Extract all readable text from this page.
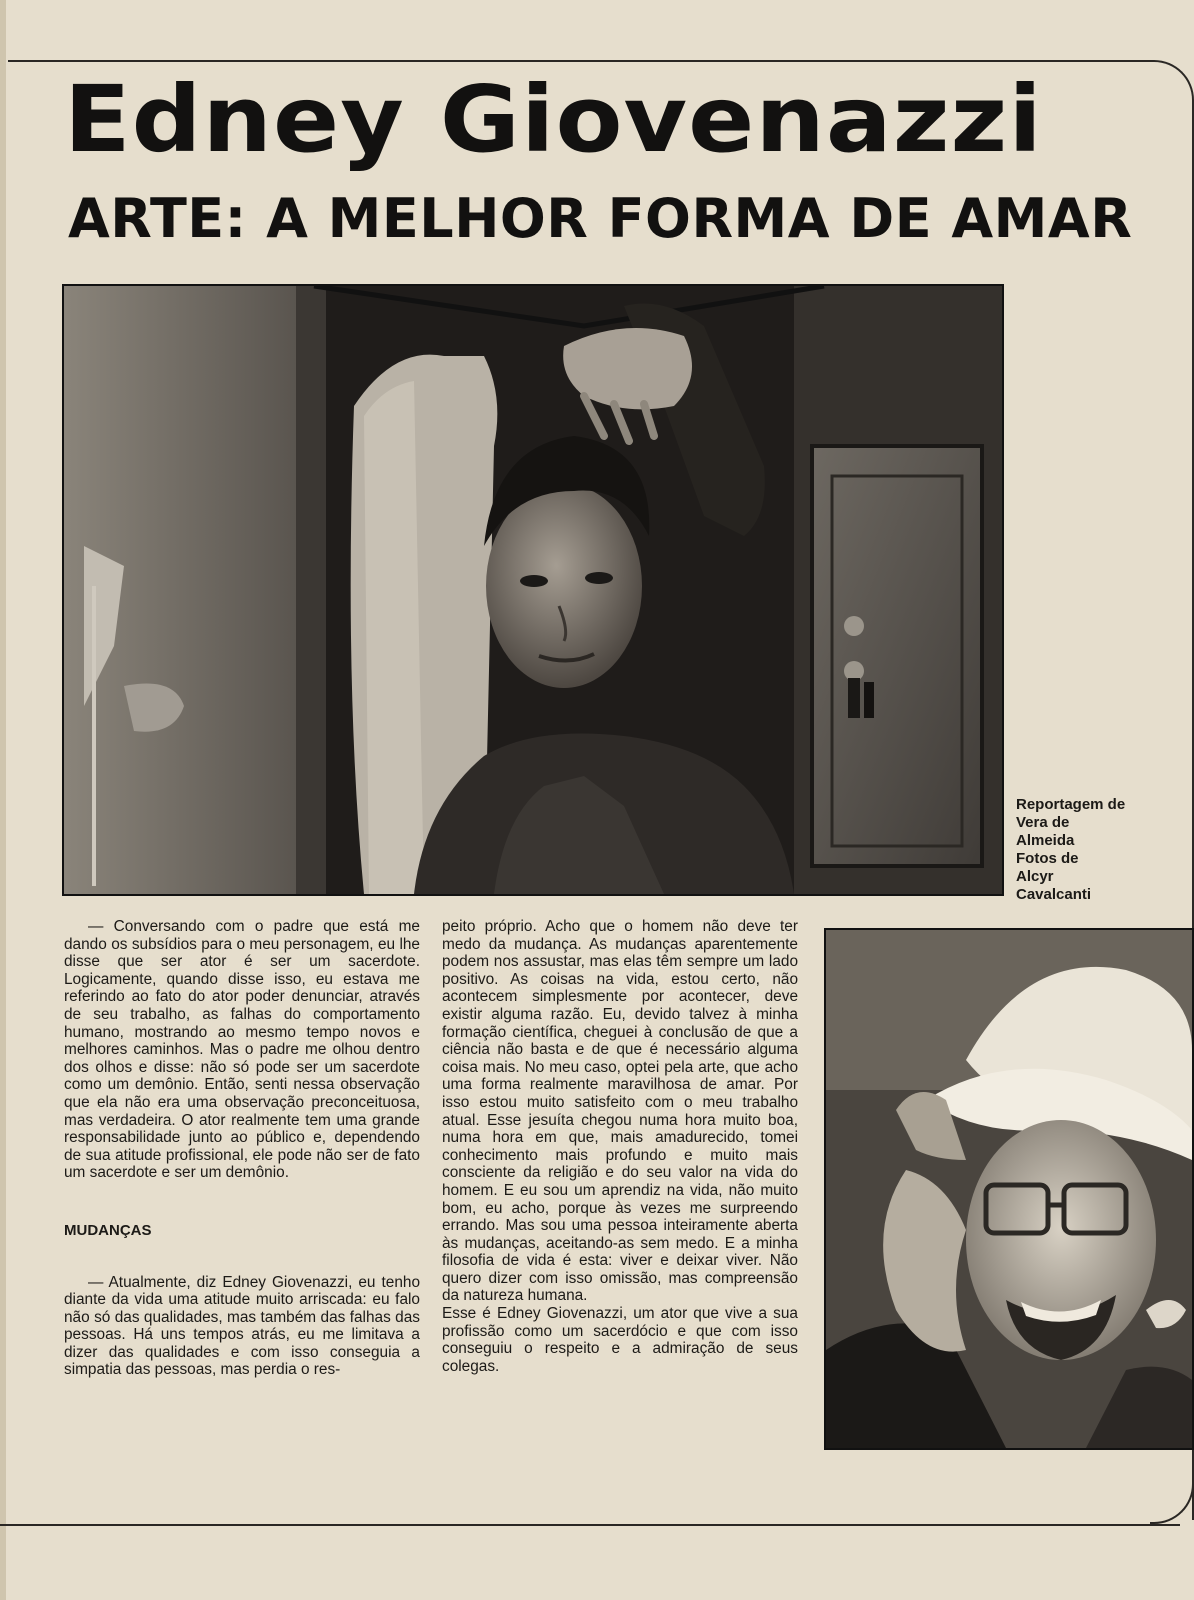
Edney Giovenazzi
ARTE: A MELHOR FORMA DE AMAR
Reportagem de
Vera de
Almeida
Fotos de
Alcyr
Cavalcanti

— Conversando com o padre que está me dando os subsídios para o meu personagem, eu lhe disse que ser ator é ser um sacerdote. Logicamente, quando disse isso, eu estava me referindo ao fato do ator poder denunciar, através de seu trabalho, as falhas do comportamento humano, mostrando ao mesmo tempo novos e melhores caminhos. Mas o padre me olhou dentro dos olhos e disse: não só pode ser um sacerdote como um demônio. Então, senti nessa observação que ela não era uma observação preconceituosa, mas verdadeira. O ator realmente tem uma grande responsabilidade junto ao público e, dependendo de sua atitude profissional, ele pode não ser de fato um sacerdote e ser um demônio.

MUDANÇAS

— Atualmente, diz Edney Giovenazzi, eu tenho diante da vida uma atitude muito arriscada: eu falo não só das qualidades, mas também das falhas das pessoas. Há uns tempos atrás, eu me limitava a dizer das qualidades e com isso conseguia a simpatia das pessoas, mas perdia o res-

peito próprio. Acho que o homem não deve ter medo da mudança. As mudanças aparentemente podem nos assustar, mas elas têm sempre um lado positivo. As coisas na vida, estou certo, não acontecem simplesmente por acontecer, deve existir alguma razão. Eu, devido talvez à minha formação científica, cheguei à conclusão de que a ciência não basta e de que é necessário alguma coisa mais. No meu caso, optei pela arte, que acho uma forma realmente maravilhosa de amar. Por isso estou muito satisfeito com o meu trabalho atual. Esse jesuíta chegou numa hora muito boa, numa hora em que, mais amadurecido, tomei conhecimento mais profundo e muito mais consciente da religião e do seu valor na vida do homem. E eu sou um aprendiz na vida, não muito bom, eu acho, porque às vezes me surpreendo errando. Mas sou uma pessoa inteiramente aberta às mudanças, aceitando-as sem medo. E a minha filosofia de vida é esta: viver e deixar viver. Não quero dizer com isso omissão, mas compreensão da natureza humana.

Esse é Edney Giovenazzi, um ator que vive a sua profissão como um sacerdócio e que com isso conseguiu o respeito e a admiração de seus colegas.
